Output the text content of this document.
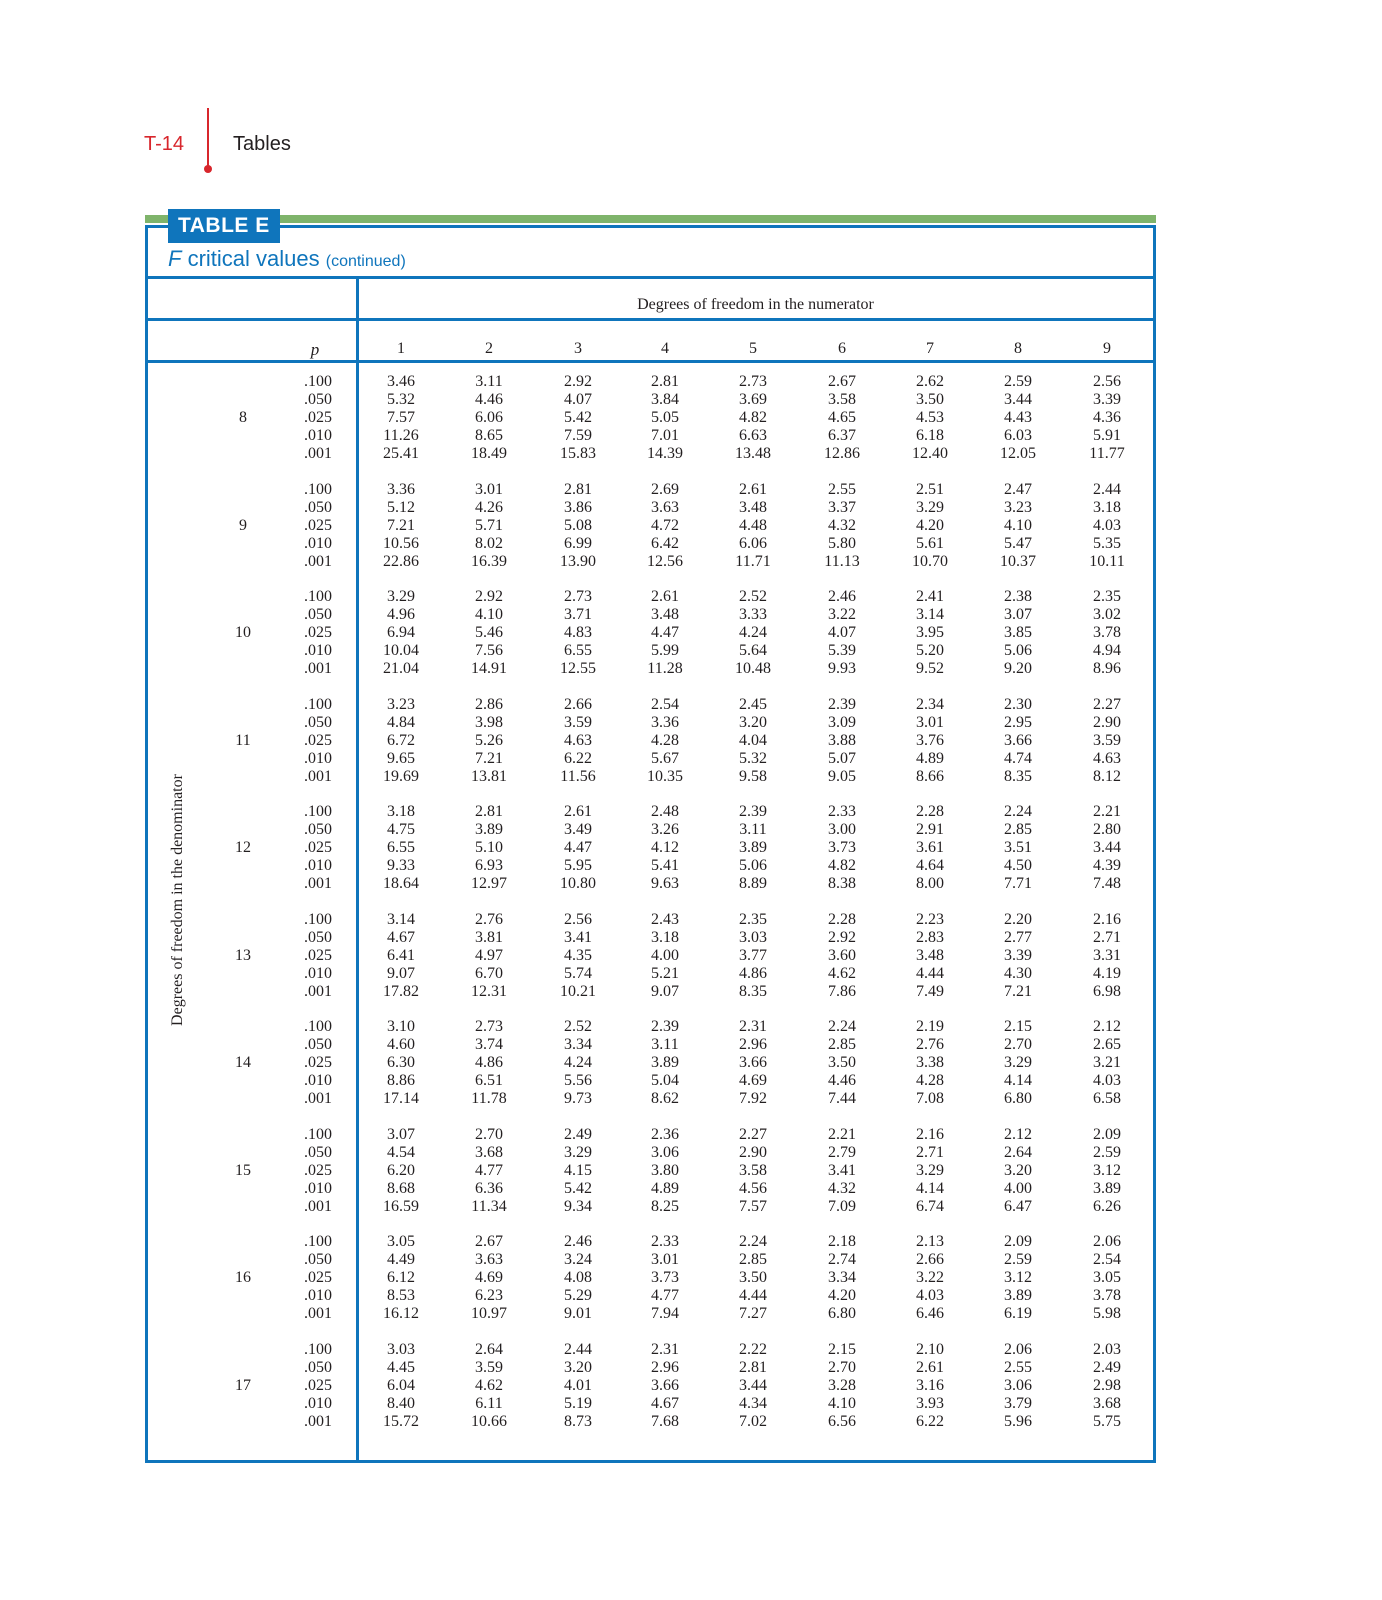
T-14 Tables
TABLE E
F critical values (continued)
Degrees of freedom in the numerator
p	1	2	3	4	5	6	7	8	9
Degrees of freedom in the denominator
8
.100	3.46	3.11	2.92	2.81	2.73	2.67	2.62	2.59	2.56
.050	5.32	4.46	4.07	3.84	3.69	3.58	3.50	3.44	3.39
.025	7.57	6.06	5.42	5.05	4.82	4.65	4.53	4.43	4.36
.010	11.26	8.65	7.59	7.01	6.63	6.37	6.18	6.03	5.91
.001	25.41	18.49	15.83	14.39	13.48	12.86	12.40	12.05	11.77
9
.100	3.36	3.01	2.81	2.69	2.61	2.55	2.51	2.47	2.44
.050	5.12	4.26	3.86	3.63	3.48	3.37	3.29	3.23	3.18
.025	7.21	5.71	5.08	4.72	4.48	4.32	4.20	4.10	4.03
.010	10.56	8.02	6.99	6.42	6.06	5.80	5.61	5.47	5.35
.001	22.86	16.39	13.90	12.56	11.71	11.13	10.70	10.37	10.11
10
.100	3.29	2.92	2.73	2.61	2.52	2.46	2.41	2.38	2.35
.050	4.96	4.10	3.71	3.48	3.33	3.22	3.14	3.07	3.02
.025	6.94	5.46	4.83	4.47	4.24	4.07	3.95	3.85	3.78
.010	10.04	7.56	6.55	5.99	5.64	5.39	5.20	5.06	4.94
.001	21.04	14.91	12.55	11.28	10.48	9.93	9.52	9.20	8.96
11
.100	3.23	2.86	2.66	2.54	2.45	2.39	2.34	2.30	2.27
.050	4.84	3.98	3.59	3.36	3.20	3.09	3.01	2.95	2.90
.025	6.72	5.26	4.63	4.28	4.04	3.88	3.76	3.66	3.59
.010	9.65	7.21	6.22	5.67	5.32	5.07	4.89	4.74	4.63
.001	19.69	13.81	11.56	10.35	9.58	9.05	8.66	8.35	8.12
12
.100	3.18	2.81	2.61	2.48	2.39	2.33	2.28	2.24	2.21
.050	4.75	3.89	3.49	3.26	3.11	3.00	2.91	2.85	2.80
.025	6.55	5.10	4.47	4.12	3.89	3.73	3.61	3.51	3.44
.010	9.33	6.93	5.95	5.41	5.06	4.82	4.64	4.50	4.39
.001	18.64	12.97	10.80	9.63	8.89	8.38	8.00	7.71	7.48
13
.100	3.14	2.76	2.56	2.43	2.35	2.28	2.23	2.20	2.16
.050	4.67	3.81	3.41	3.18	3.03	2.92	2.83	2.77	2.71
.025	6.41	4.97	4.35	4.00	3.77	3.60	3.48	3.39	3.31
.010	9.07	6.70	5.74	5.21	4.86	4.62	4.44	4.30	4.19
.001	17.82	12.31	10.21	9.07	8.35	7.86	7.49	7.21	6.98
14
.100	3.10	2.73	2.52	2.39	2.31	2.24	2.19	2.15	2.12
.050	4.60	3.74	3.34	3.11	2.96	2.85	2.76	2.70	2.65
.025	6.30	4.86	4.24	3.89	3.66	3.50	3.38	3.29	3.21
.010	8.86	6.51	5.56	5.04	4.69	4.46	4.28	4.14	4.03
.001	17.14	11.78	9.73	8.62	7.92	7.44	7.08	6.80	6.58
15
.100	3.07	2.70	2.49	2.36	2.27	2.21	2.16	2.12	2.09
.050	4.54	3.68	3.29	3.06	2.90	2.79	2.71	2.64	2.59
.025	6.20	4.77	4.15	3.80	3.58	3.41	3.29	3.20	3.12
.010	8.68	6.36	5.42	4.89	4.56	4.32	4.14	4.00	3.89
.001	16.59	11.34	9.34	8.25	7.57	7.09	6.74	6.47	6.26
16
.100	3.05	2.67	2.46	2.33	2.24	2.18	2.13	2.09	2.06
.050	4.49	3.63	3.24	3.01	2.85	2.74	2.66	2.59	2.54
.025	6.12	4.69	4.08	3.73	3.50	3.34	3.22	3.12	3.05
.010	8.53	6.23	5.29	4.77	4.44	4.20	4.03	3.89	3.78
.001	16.12	10.97	9.01	7.94	7.27	6.80	6.46	6.19	5.98
17
.100	3.03	2.64	2.44	2.31	2.22	2.15	2.10	2.06	2.03
.050	4.45	3.59	3.20	2.96	2.81	2.70	2.61	2.55	2.49
.025	6.04	4.62	4.01	3.66	3.44	3.28	3.16	3.06	2.98
.010	8.40	6.11	5.19	4.67	4.34	4.10	3.93	3.79	3.68
.001	15.72	10.66	8.73	7.68	7.02	6.56	6.22	5.96	5.75
